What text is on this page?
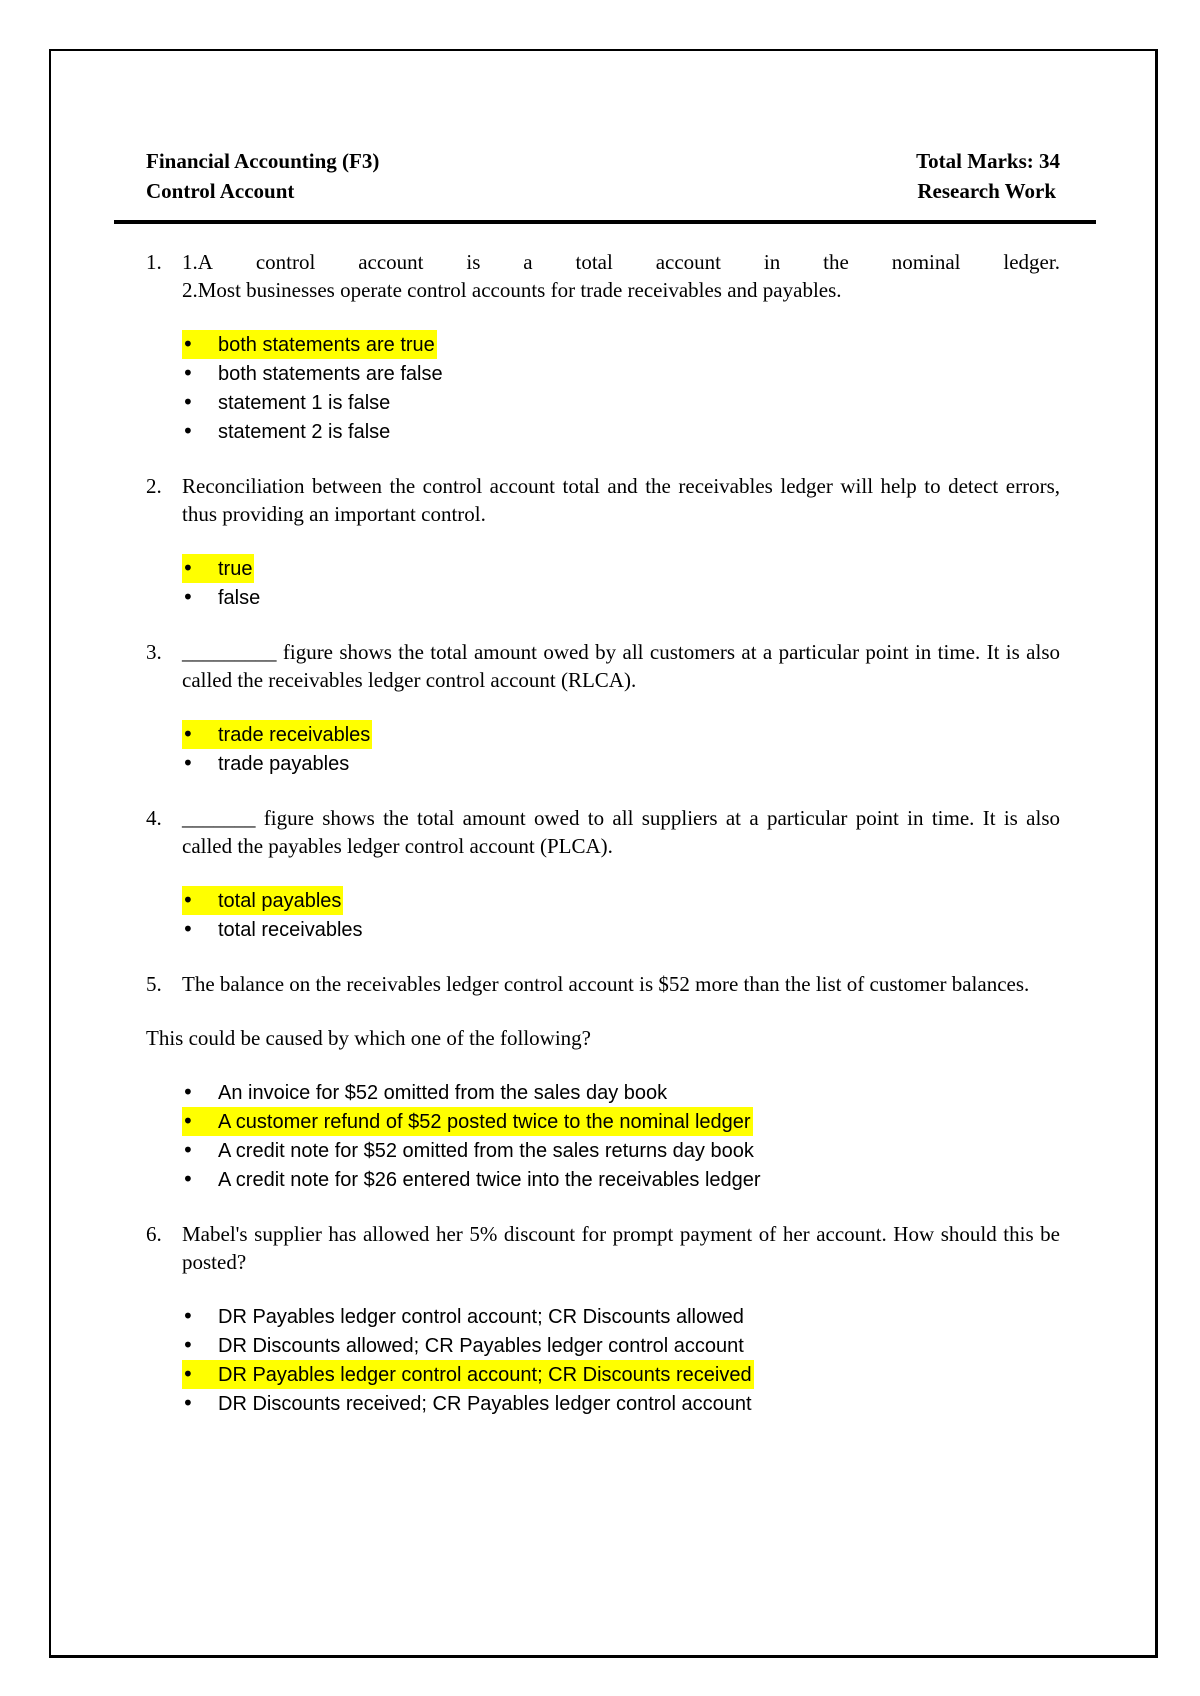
Financial Accounting (F3)	Total Marks: 34
Control Account	Research Work
1. 1.A control account is a total account in the nominal ledger.
2.Most businesses operate control accounts for trade receivables and payables.
•	both statements are true
•	both statements are false
•	statement 1 is false
•	statement 2 is false
2. Reconciliation between the control account total and the receivables ledger will help to detect errors, thus providing an important control.
•	true
•	false
3. _________ figure shows the total amount owed by all customers at a particular point in time. It is also called the receivables ledger control account (RLCA).
•	trade receivables
•	trade payables
4. _______ figure shows the total amount owed to all suppliers at a particular point in time. It is also called the payables ledger control account (PLCA).
•	total payables
•	total receivables
5. The balance on the receivables ledger control account is $52 more than the list of customer balances.

This could be caused by which one of the following?

•	An invoice for $52 omitted from the sales day book
•	A customer refund of $52 posted twice to the nominal ledger
•	A credit note for $52 omitted from the sales returns day book
•	A credit note for $26 entered twice into the receivables ledger
6. Mabel's supplier has allowed her 5% discount for prompt payment of her account. How should this be posted?
•	DR Payables ledger control account; CR Discounts allowed
•	DR Discounts allowed; CR Payables ledger control account
•	DR Payables ledger control account; CR Discounts received
•	DR Discounts received; CR Payables ledger control account
